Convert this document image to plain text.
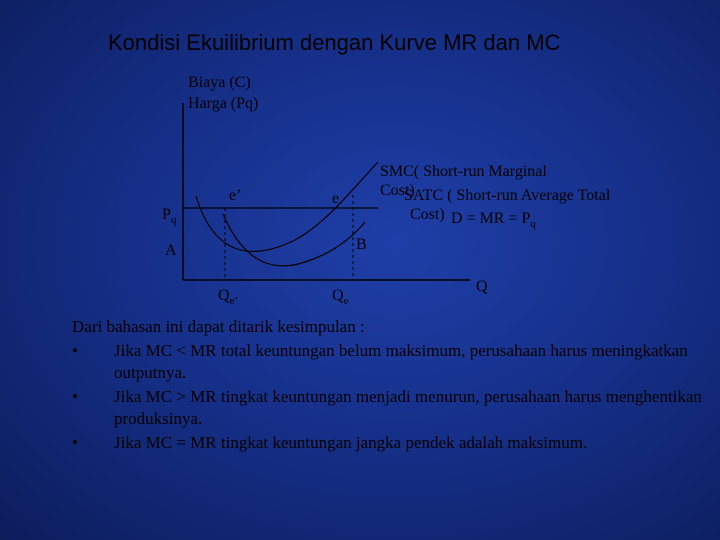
Kondisi Ekuilibrium dengan Kurve MR dan MC
Biaya (C)
Harga (Pq)
e’	e
$P_q$
A	B
$Q_{e’}$	$Q_e$
Q
SMC( Short-run Marginal
Cost)
SATC ( Short-run Average Total
Cost) D = MR = $P_q$

Dari bahasan ini dapat ditarik kesimpulan :

• Jika MC < MR total keuntungan belum maksimum, perusahaan harus meningkatkan outputnya.
• Jika MC > MR tingkat keuntungan menjadi menurun, perusahaan harus menghentikan produksinya.
• Jika MC = MR tingkat keuntungan jangka pendek adalah maksimum.
